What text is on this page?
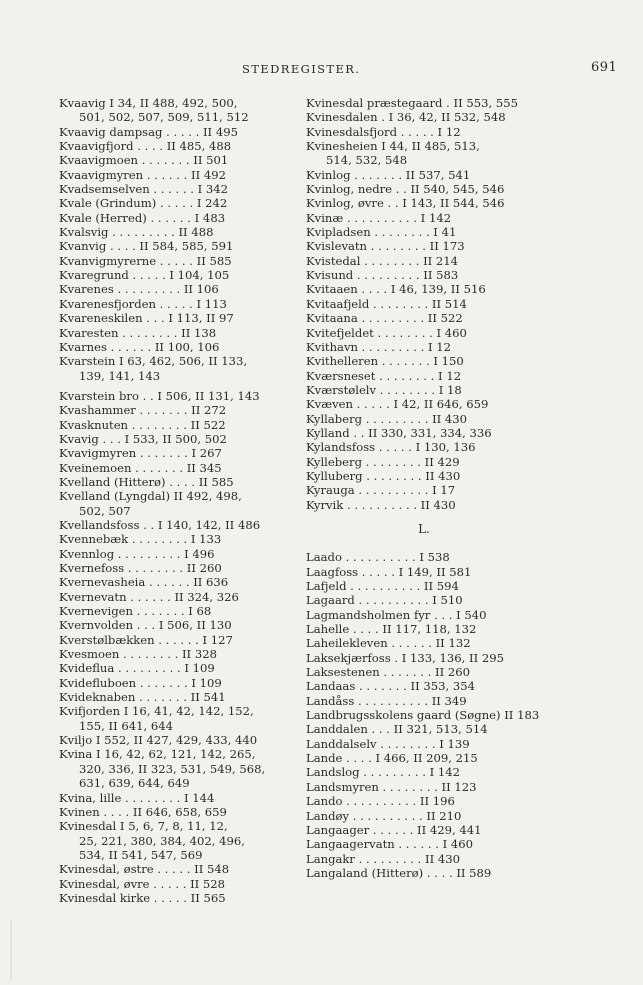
STEDREGISTER.	691
Kvaavig I 34, II 488, 492, 500,
501, 502, 507, 509, 511, 512
Kvaavig dampsag . . . . . II 495
Kvaavigfjord . . . . II 485, 488
Kvaavigmoen . . . . . . . II 501
Kvaavigmyren . . . . . . II 492
Kvadsemselven . . . . . . I 342
Kvale (Grindum) . . . . . I 242
Kvale (Herred) . . . . . . I 483
Kvalsvig . . . . . . . . . II 488
Kvanvig . . . . II 584, 585, 591
Kvanvigmyrerne . . . . . II 585
Kvaregrund . . . . . I 104, 105
Kvarenes . . . . . . . . . II 106
Kvarenesfjorden . . . . . I 113
Kvareneskilen . . . I 113, II 97
Kvaresten . . . . . . . . II 138
Kvarnes . . . . . . II 100, 106
Kvarstein I 63, 462, 506, II 133,
139, 141, 143
Kvarstein bro . . I 506, II 131, 143
Kvashammer . . . . . . . II 272
Kvasknuten . . . . . . . . II 522
Kvavig . . . I 533, II 500, 502
Kvavigmyren . . . . . . . I 267
Kveinemoen . . . . . . . II 345
Kvelland (Hitterø) . . . . II 585
Kvelland (Lyngdal) II 492, 498,
502, 507
Kvellandsfoss . . I 140, 142, II 486
Kvennebæk . . . . . . . . I 133
Kvennlog . . . . . . . . . I 496
Kvernefoss . . . . . . . . II 260
Kvernevasheia . . . . . . II 636
Kvernevatn . . . . . . II 324, 326
Kvernevigen . . . . . . . I 68
Kvernvolden . . . I 506, II 130
Kverstølbækken . . . . . . I 127
Kvesmoen . . . . . . . . II 328
Kvideflua . . . . . . . . . I 109
Kvidefluboen . . . . . . . I 109
Kvideknaben . . . . . . . II 541
Kvifjorden I 16, 41, 42, 142, 152,
155, II 641, 644
Kviljo I 552, II 427, 429, 433, 440
Kvina I 16, 42, 62, 121, 142, 265,
320, 336, II 323, 531, 549, 568,
631, 639, 644, 649
Kvina, lille . . . . . . . . I 144
Kvinen . . . . II 646, 658, 659
Kvinesdal I 5, 6, 7, 8, 11, 12,
25, 221, 380, 384, 402, 496,
534, II 541, 547, 569
Kvinesdal, østre . . . . . II 548
Kvinesdal, øvre . . . . . II 528
Kvinesdal kirke . . . . . II 565
Kvinesdal præstegaard . II 553, 555
Kvinesdalen . I 36, 42, II 532, 548
Kvinesdalsfjord . . . . . I 12
Kvinesheien I 44, II 485, 513,
514, 532, 548
Kvinlog . . . . . . . II 537, 541
Kvinlog, nedre . . II 540, 545, 546
Kvinlog, øvre . . I 143, II 544, 546
Kvinæ . . . . . . . . . . I 142
Kvipladsen . . . . . . . . I 41
Kvislevatn . . . . . . . . II 173
Kvistedal . . . . . . . . II 214
Kvisund . . . . . . . . . II 583
Kvitaaen . . . . I 46, 139, II 516
Kvitaafjeld . . . . . . . . II 514
Kvitaana . . . . . . . . . II 522
Kvitefjeldet . . . . . . . . I 460
Kvithavn . . . . . . . . . I 12
Kvithelleren . . . . . . . I 150
Kværsneset . . . . . . . . I 12
Kværstølelv . . . . . . . . I 18
Kvæven . . . . . I 42, II 646, 659
Kyllaberg . . . . . . . . . II 430
Kylland . . II 330, 331, 334, 336
Kylandsfoss . . . . . I 130, 136
Kylleberg . . . . . . . . II 429
Kylluberg . . . . . . . . II 430
Kyrauga . . . . . . . . . . I 17
Kyrvik . . . . . . . . . . II 430
L.
Laado . . . . . . . . . . I 538
Laagfoss . . . . . I 149, II 581
Lafjeld . . . . . . . . . . II 594
Lagaard . . . . . . . . . . I 510
Lagmandsholmen fyr . . . I 540
Lahelle . . . . II 117, 118, 132
Laheilekleven . . . . . . II 132
Laksekjærfoss . I 133, 136, II 295
Laksestenen . . . . . . . II 260
Landaas . . . . . . . II 353, 354
Landåss . . . . . . . . . . II 349
Landbrugsskolens gaard (Søgne) II 183
Landdalen . . . II 321, 513, 514
Landdalselv . . . . . . . . I 139
Lande . . . . I 466, II 209, 215
Landslog . . . . . . . . . I 142
Landsmyren . . . . . . . . II 123
Lando . . . . . . . . . . II 196
Landøy . . . . . . . . . . II 210
Langaager . . . . . . II 429, 441
Langaagervatn . . . . . . I 460
Langakr . . . . . . . . . II 430
Langaland (Hitterø) . . . . II 589
